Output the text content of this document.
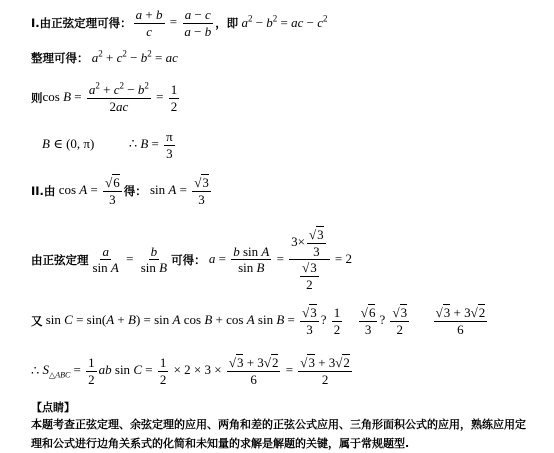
I.由正弦定理可得： $\frac{a + b}{c} = \frac{a - c}{a - b}$ ，即 $a^2 - b^2$ = ac − $c^2$
整理可得： $a^2 + c^2 - b^2$ = ac
则 $\cos B = \frac{a^2 + c^2 - b^2}{2ac} = \frac{1}{2}$
B ∈ (0, π)  ∴ $B = \frac{\pi}{3}$
II.由 $\cos A = \frac{√6}{3}$ 得： $\sin A = \frac{√3}{3}$
由正弦定理 $\frac{a}{\text{sin A}} = \frac{b}{\text{sin B}}$ 可得： $a = \frac{\text{b sin A}}{\text{sin B}} = \frac{3\times \frac{√3}{3}}{\frac{√3}{2}} = 2$
又 sin C = sin(A + B) = sin A cos B + cos A $\sin B = \frac{√3}{3}$ ? $\frac{1}{2}$
$\frac{√6}{3}$ ? $\frac{√3}{2}$
$\frac{√3 + 3√2}{6}$
∴ $S_{\triangle ABC} = \frac{1}{2}$ ab $\sin C = \frac{1}{2} \times 2 \times 3 \times \frac{√3 + 3√2}{6} = \frac{√3 + 3√2}{2}$
【点睛】
本题考查正弦定理、余弦定理的应用、两角和差的正弦公式应用、三角形面积公式的应用，熟练应用定理和公式进行边角关系式的化简和未知量的求解是解题的关键，属于常规题型.
